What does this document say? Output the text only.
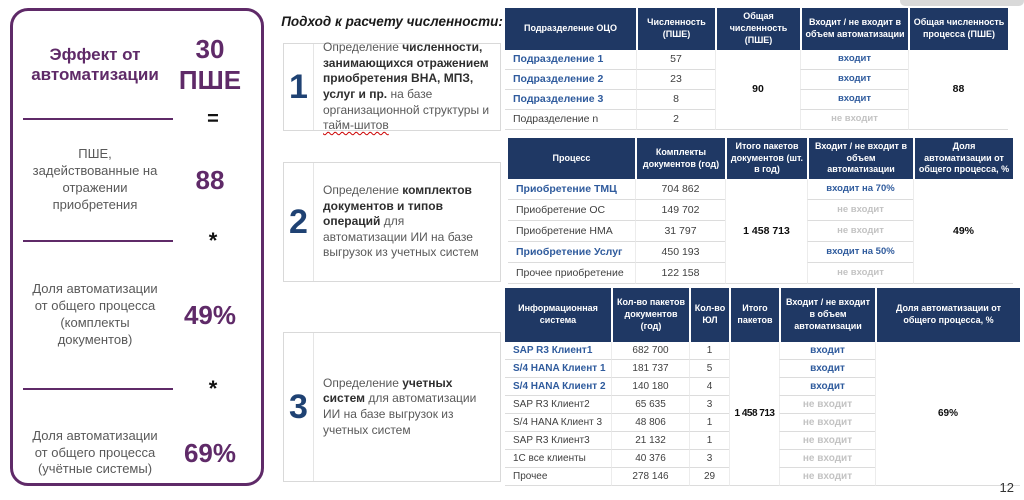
Эффект от автоматизации
30 ПШЕ
=
ПШЕ, задействованные на отражении приобретения
88
*
Доля автоматизации от общего процесса (комплекты документов)
49%
*
Доля автоматизации от общего процесса (учётные системы)
69%
Подход к расчету численности:
1
Определение численности, занимающихся отражением приобретения ВНА, МПЗ, услуг и пр. на базе организационной структуры и тайм-шитов
2
Определение комплектов документов и типов операций для автоматизации ИИ на базе выгрузок из учетных систем
3
Определение учетных систем для автоматизации ИИ на базе выгрузок из учетных систем
Подразделение ОЦО	Численность (ПШЕ)	Общая численность (ПШЕ)	Входит / не входит в объем автоматизации	Общая численность процесса (ПШЕ)
Подразделение 1	57	90	входит	88
Подразделение 2	23		входит	
Подразделение 3	8		входит	
Подразделение n	2		не входит	
Процесс	Комплекты документов (год)	Итого пакетов документов (шт. в год)	Входит / не входит в объем автоматизации	Доля автоматизации от общего процесса, %
Приобретение ТМЦ	704 862	1 458 713	входит на 70%	49%
Приобретение ОС	149 702		не входит	
Приобретение НМА	31 797		не входит	
Приобретение Услуг	450 193		входит на 50%	
Прочее приобретение	122 158		не входит	
Информационная система	Кол-во пакетов документов (год)	Кол-во ЮЛ	Итого пакетов	Входит / не входит в объем автоматизации	Доля автоматизации от общего процесса, %
SAP R3 Клиент1	682 700	1	1 458 713	входит	69%
S/4 HANA Клиент 1	181 737	5		входит	
S/4 HANA Клиент 2	140 180	4		входит	
SAP R3 Клиент2	65 635	3		не входит	
S/4 HANA Клиент 3	48 806	1		не входит	
SAP R3 Клиент3	21 132	1		не входит	
1С все клиенты	40 376	3		не входит	
Прочее	278 146	29		не входит	
12
